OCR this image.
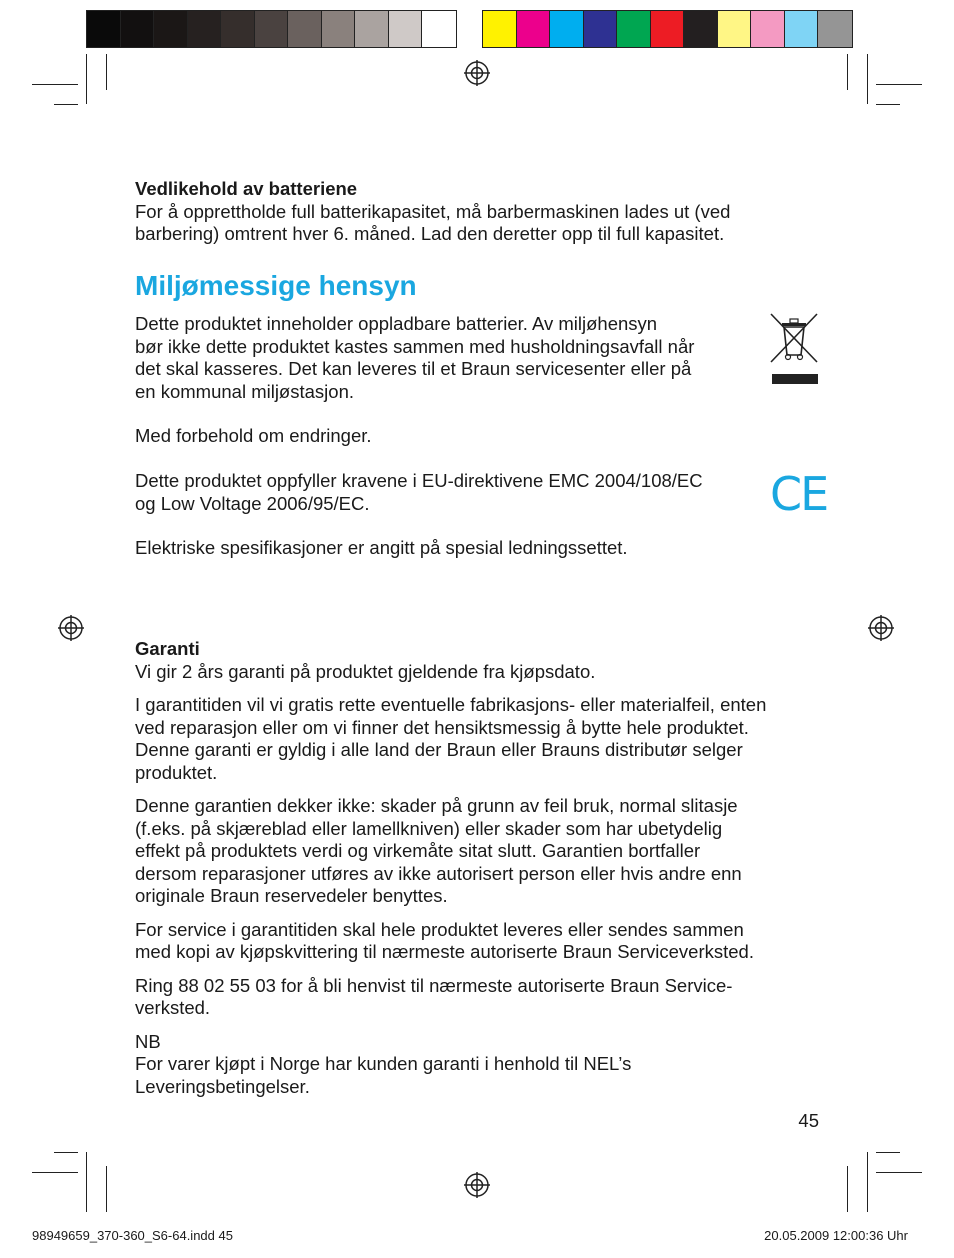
Vedlikehold av batteriene

For å opprettholde full batterikapasitet, må barbermaskinen lades ut (ved
barbering) omtrent hver 6. måned. Lad den deretter opp til full kapasitet.

Miljømessige hensyn

Dette produktet inneholder oppladbare batterier. Av miljøhensyn
bør ikke dette produktet kastes sammen med husholdningsavfall når
det skal kasseres. Det kan leveres til et Braun servicesenter eller på
en kommunal miljøstasjon.

Med forbehold om endringer.

Dette produktet oppfyller kravene i EU-direktivene EMC 2004/108/EC
og Low Voltage 2006/95/EC.	CE
Elektriske spesifikasjoner er angitt på spesial ledningssettet.

Garanti

Vi gir 2 års garanti på produktet gjeldende fra kjøpsdato.

I garantitiden vil vi gratis rette eventuelle fabrikasjons- eller materialfeil, enten
ved reparasjon eller om vi finner det hensiktsmessig å bytte hele produktet.
Denne garanti er gyldig i alle land der Braun eller Brauns distributør selger
produktet.

Denne garantien dekker ikke: skader på grunn av feil bruk, normal slitasje
(f.eks. på skjæreblad eller lamellkniven) eller skader som har ubetydelig
effekt på produktets verdi og virkemåte sitat slutt. Garantien bortfaller
dersom reparasjoner utføres av ikke autorisert person eller hvis andre enn
originale Braun reservedeler benyttes.

For service i garantitiden skal hele produktet leveres eller sendes sammen
med kopi av kjøpskvittering til nærmeste autoriserte Braun Serviceverksted.

Ring 88 02 55 03 for å bli henvist til nærmeste autoriserte Braun Service-
verksted.

NB

For varer kjøpt i Norge har kunden garanti i henhold til NEL’s
Leveringsbetingelser.

45
98949659_370-360_S6-64.indd 45	20.05.2009 12:00:36 Uhr
